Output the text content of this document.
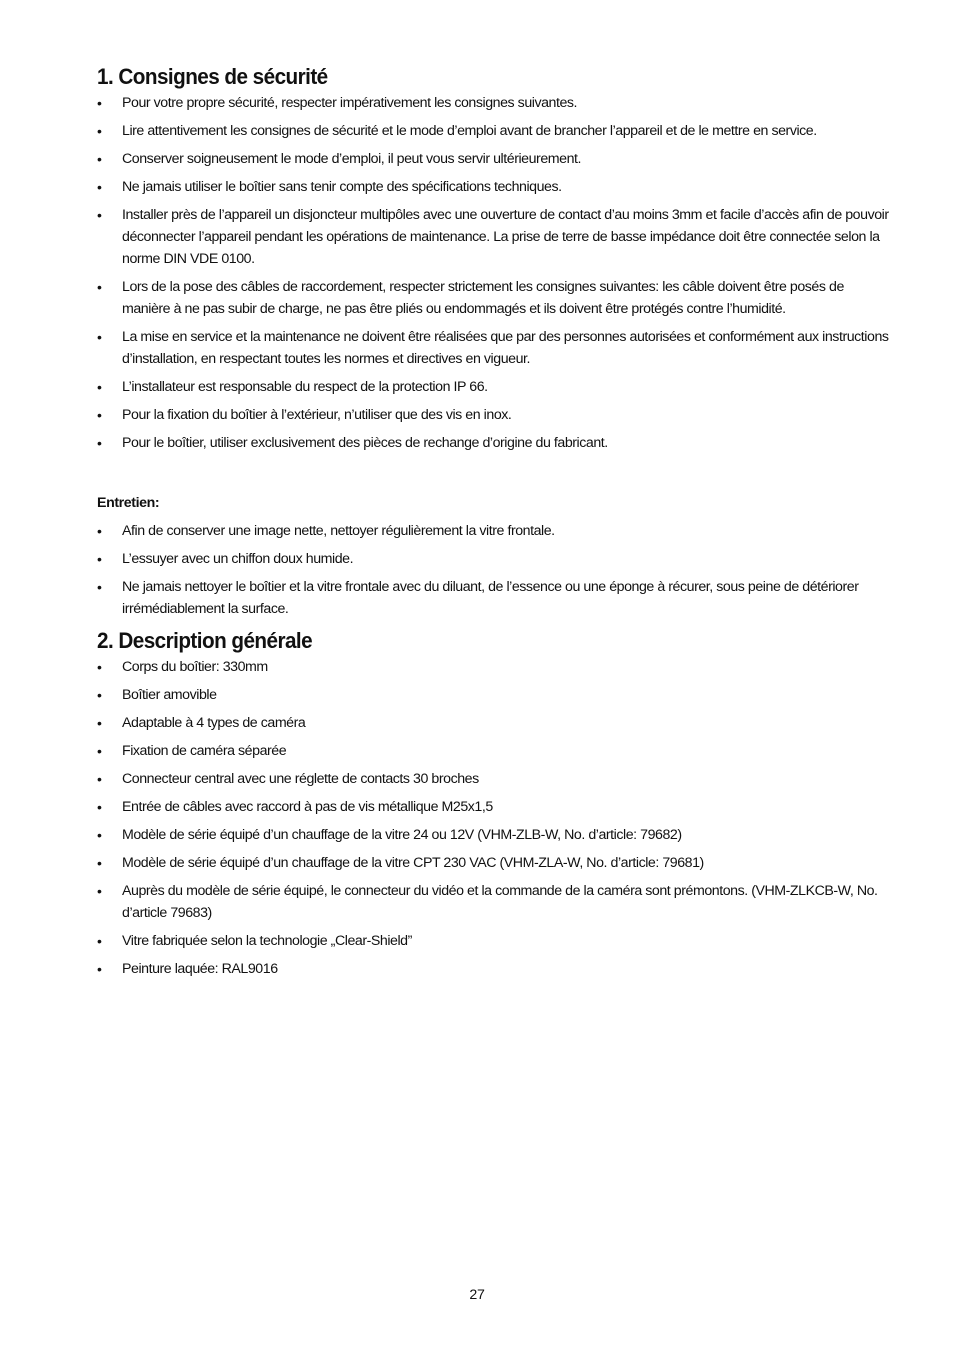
1. Consignes de sécurité
• Pour votre propre sécurité, respecter impérativement les consignes suivantes.
• Lire attentivement les consignes de sécurité et le mode d’emploi avant de brancher l’appareil et de le mettre en service.
• Conserver soigneusement le mode d’emploi, il peut vous servir ultérieurement.
• Ne jamais utiliser le boîtier sans tenir compte des spécifications techniques.
• Installer près de l’appareil un disjoncteur multipôles avec une ouverture de contact d’au moins 3mm et facile d’accès afin de pouvoir déconnecter l’appareil pendant les opérations de maintenance. La prise de terre de basse impédance doit être connectée selon la norme DIN VDE 0100.
• Lors de la pose des câbles de raccordement, respecter strictement les consignes suivantes: les câble doivent être posés de manière à ne pas subir de charge, ne pas être pliés ou endommagés et ils doivent être protégés contre l’humidité.
• La mise en service et la maintenance ne doivent être réalisées que par des personnes autorisées et conformément aux instructions d’installation, en respectant toutes les normes et directives en vigueur.
• L’installateur est responsable du respect de la protection IP 66.
• Pour la fixation du boîtier à l’extérieur, n’utiliser que des vis en inox.
• Pour le boîtier, utiliser exclusivement des pièces de rechange d’origine du fabricant.
Entretien:
• Afin de conserver une image nette, nettoyer régulièrement la vitre frontale.
• L’essuyer avec un chiffon doux humide.
• Ne jamais nettoyer le boîtier et la vitre frontale avec du diluant, de l’essence ou une éponge à récurer, sous peine de détériorer irrémédiablement la surface.
2. Description générale
• Corps du boîtier: 330mm
• Boîtier amovible
• Adaptable à 4 types de caméra
• Fixation de caméra séparée
• Connecteur central avec une réglette de contacts 30 broches
• Entrée de câbles avec raccord à pas de vis métallique M25x1,5
• Modèle de série équipé d’un chauffage de la vitre 24 ou 12V (VHM-ZLB-W, No. d’article: 79682)
• Modèle de série équipé d’un chauffage de la vitre CPT 230 VAC (VHM-ZLA-W, No. d’article: 79681)
• Auprès du modèle de série équipé, le connecteur du vidéo et la commande de la caméra sont prémontons. (VHM-ZLKCB-W, No. d’article 79683)
• Vitre fabriquée selon la technologie „Clear-Shield”
• Peinture laquée: RAL9016
27
